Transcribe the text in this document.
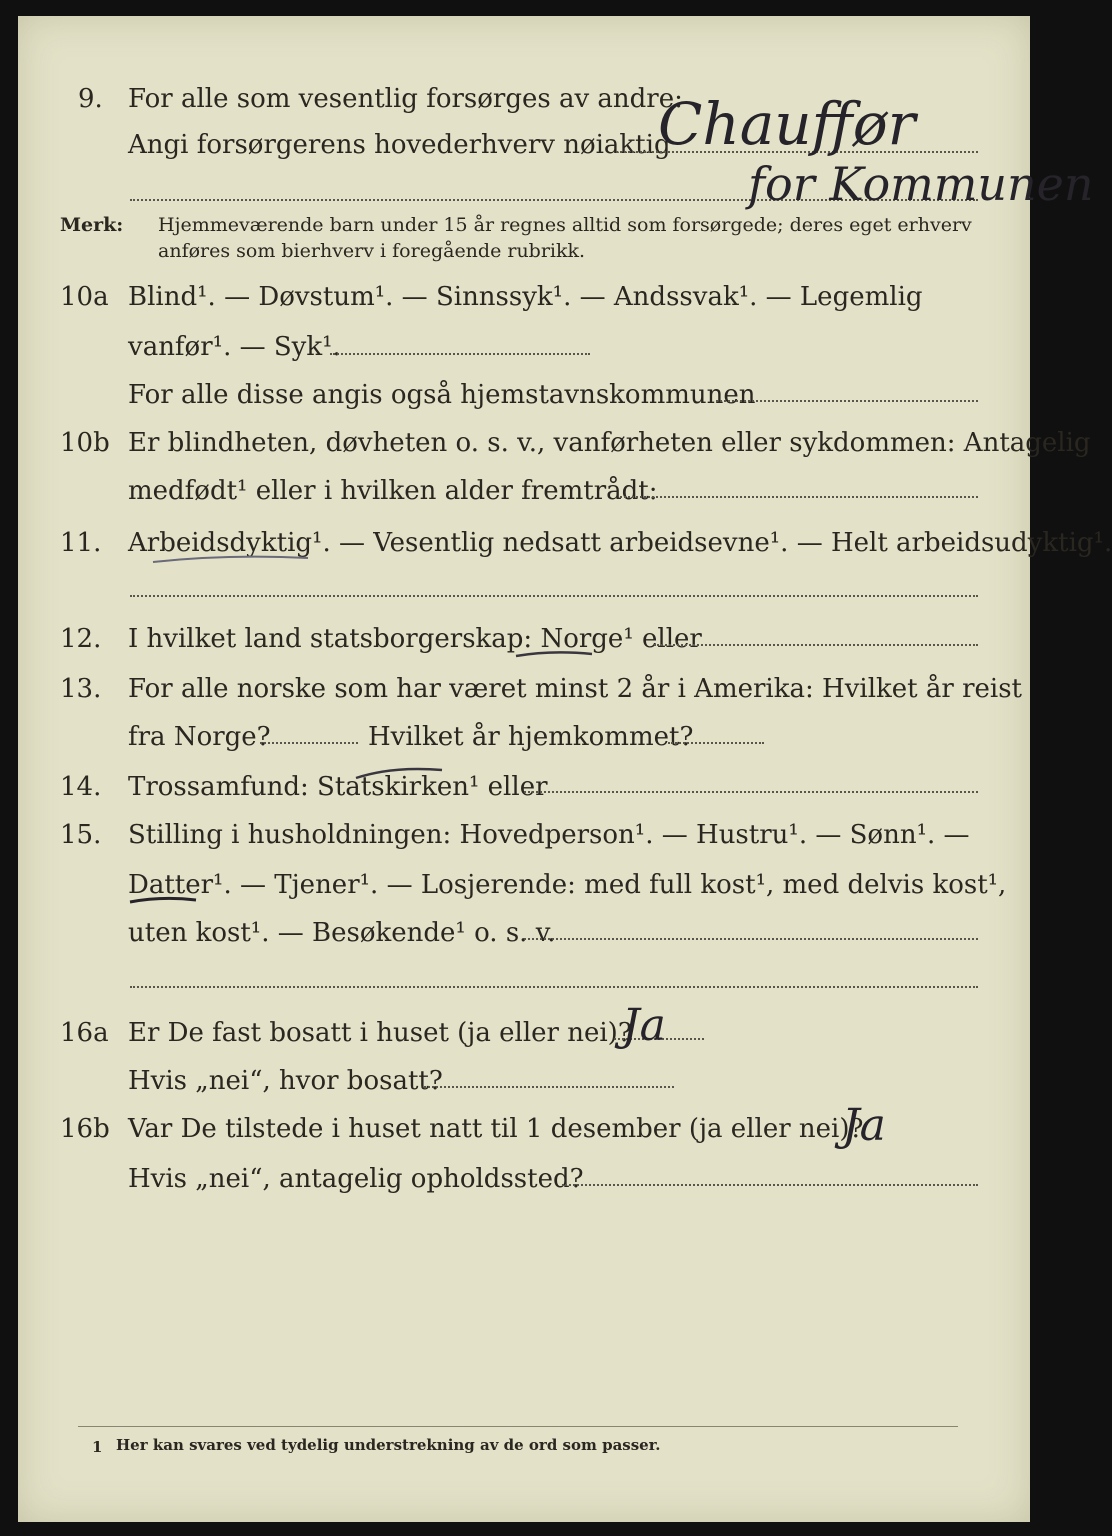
9. For alle som vesentlig forsørges av andre:
Angi forsørgerens hovederhverv nøiaktig
Chauffør
for Kommunen
Merk: Hjemmeværende barn under 15 år regnes alltid som forsørgede; deres eget erhverv
anføres som bierhverv i foregående rubrikk.
10a Blind¹. — Døvstum¹. — Sinnssyk¹. — Andssvak¹. — Legemlig
vanfør¹. — Syk¹.
For alle disse angis også hjemstavnskommunen
10b Er blindheten, døvheten o. s. v., vanførheten eller sykdommen: Antagelig
medfødt¹ eller i hvilken alder fremtrådt:
11. Arbeidsdyktig¹. — Vesentlig nedsatt arbeidsevne¹. — Helt arbeidsudyktig¹.
12. I hvilket land statsborgerskap: Norge¹ eller
13. For alle norske som har været minst 2 år i Amerika: Hvilket år reist
fra Norge?	Hvilket år hjemkommet?
14. Trossamfund: Statskirken¹ eller
15. Stilling i husholdningen: Hovedperson¹. — Hustru¹. — Sønn¹. —
Datter¹. — Tjener¹. — Losjerende: med full kost¹, med delvis kost¹,
uten kost¹. — Besøkende¹ o. s. v.
16a Er De fast bosatt i huset (ja eller nei)?
Ja
Hvis „nei“, hvor bosatt?
16b Var De tilstede i huset natt til 1 desember (ja eller nei)?
Ja
Hvis „nei“, antagelig opholdssted?
1 Her kan svares ved tydelig understrekning av de ord som passer.
